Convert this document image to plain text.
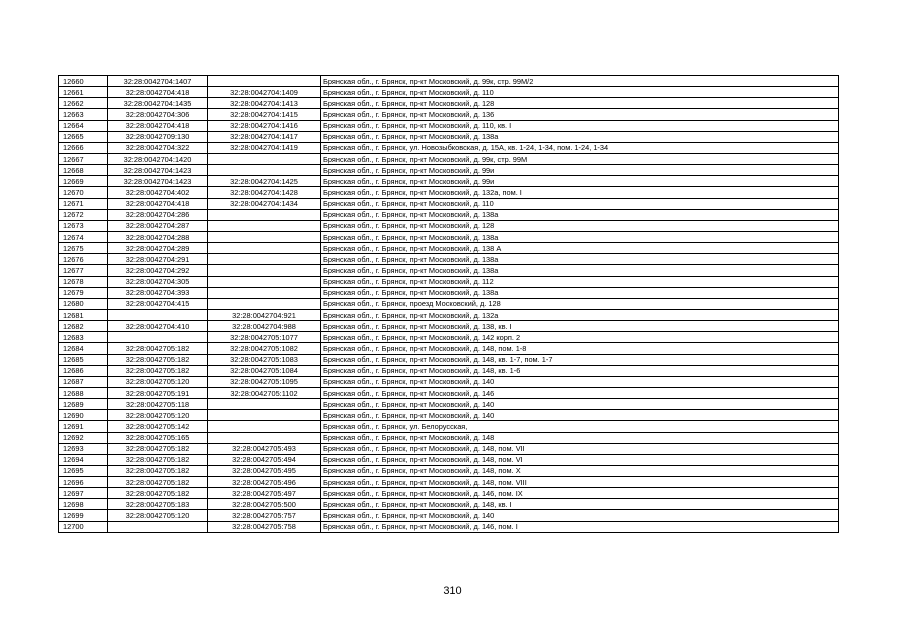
12660	32:28:0042704:1407		Брянская обл., г. Брянск, пр-кт Московский, д. 99к, стр. 99М/2
12661	32:28:0042704:418	32:28:0042704:1409	Брянская обл., г. Брянск, пр-кт Московский, д. 110
12662	32:28:0042704:1435	32:28:0042704:1413	Брянская обл., г. Брянск, пр-кт Московский, д. 128
12663	32:28:0042704:306	32:28:0042704:1415	Брянская обл., г. Брянск, пр-кт Московский, д. 136
12664	32:28:0042704:418	32:28:0042704:1416	Брянская обл., г. Брянск, пр-кт Московский, д. 110, кв. I
12665	32:28:0042709:130	32:28:0042704:1417	Брянская обл., г. Брянск, пр-кт Московский, д. 138а
12666	32:28:0042704:322	32:28:0042704:1419	Брянская обл., г. Брянск, ул. Новозыбковская, д. 15А, кв. 1-24, 1-34, пом. 1-24, 1-34
12667	32:28:0042704:1420		Брянская обл., г. Брянск, пр-кт Московский, д. 99к, стр. 99М
12668	32:28:0042704:1423		Брянская обл., г. Брянск, пр-кт Московский, д. 99и
12669	32:28:0042704:1423	32:28:0042704:1425	Брянская обл., г. Брянск, пр-кт Московский, д. 99и
12670	32:28:0042704:402	32:28:0042704:1428	Брянская обл., г. Брянск, пр-кт Московский, д. 132а, пом. I
12671	32:28:0042704:418	32:28:0042704:1434	Брянская обл., г. Брянск, пр-кт Московский, д. 110
12672	32:28:0042704:286		Брянская обл., г. Брянск, пр-кт Московский, д. 138а
12673	32:28:0042704:287		Брянская обл., г. Брянск, пр-кт Московский, д. 128
12674	32:28:0042704:288		Брянская обл., г. Брянск, пр-кт Московский, д. 138а
12675	32:28:0042704:289		Брянская обл., г. Брянск, пр-кт Московский, д. 138 А
12676	32:28:0042704:291		Брянская обл., г. Брянск, пр-кт Московский, д. 138а
12677	32:28:0042704:292		Брянская обл., г. Брянск, пр-кт Московский, д. 138а
12678	32:28:0042704:305		Брянская обл., г. Брянск, пр-кт Московский, д. 112
12679	32:28:0042704:393		Брянская обл., г. Брянск, пр-кт Московский, д. 138а
12680	32:28:0042704:415		Брянская обл., г. Брянск, проезд Московский, д. 128
12681		32:28:0042704:921	Брянская обл., г. Брянск, пр-кт Московский, д. 132а
12682	32:28:0042704:410	32:28:0042704:988	Брянская обл., г. Брянск, пр-кт Московский, д. 138, кв. I
12683		32:28:0042705:1077	Брянская обл., г. Брянск, пр-кт Московский, д. 142 корп. 2
12684	32:28:0042705:182	32:28:0042705:1082	Брянская обл., г. Брянск, пр-кт Московский, д. 148, пом. 1-8
12685	32:28:0042705:182	32:28:0042705:1083	Брянская обл., г. Брянск, пр-кт Московский, д. 148, кв. 1-7, пом. 1-7
12686	32:28:0042705:182	32:28:0042705:1084	Брянская обл., г. Брянск, пр-кт Московский, д. 148, кв. 1-6
12687	32:28:0042705:120	32:28:0042705:1095	Брянская обл., г. Брянск, пр-кт Московский, д. 140
12688	32:28:0042705:191	32:28:0042705:1102	Брянская обл., г. Брянск, пр-кт Московский, д. 146
12689	32:28:0042705:118		Брянская обл., г. Брянск, пр-кт Московский, д. 140
12690	32:28:0042705:120		Брянская обл., г. Брянск, пр-кт Московский, д. 140
12691	32:28:0042705:142		Брянская обл., г. Брянск, ул. Белорусская,
12692	32:28:0042705:165		Брянская обл., г. Брянск, пр-кт Московский, д. 148
12693	32:28:0042705:182	32:28:0042705:493	Брянская обл., г. Брянск, пр-кт Московский, д. 148, пом. VII
12694	32:28:0042705:182	32:28:0042705:494	Брянская обл., г. Брянск, пр-кт Московский, д. 148, пом. VI
12695	32:28:0042705:182	32:28:0042705:495	Брянская обл., г. Брянск, пр-кт Московский, д. 148, пом. X
12696	32:28:0042705:182	32:28:0042705:496	Брянская обл., г. Брянск, пр-кт Московский, д. 148, пом. VIII
12697	32:28:0042705:182	32:28:0042705:497	Брянская обл., г. Брянск, пр-кт Московский, д. 146, пом. IX
12698	32:28:0042705:183	32:28:0042705:500	Брянская обл., г. Брянск, пр-кт Московский, д. 148, кв. I
12699	32:28:0042705:120	32:28:0042705:757	Брянская обл., г. Брянск, пр-кт Московский, д. 140
12700		32:28:0042705:758	Брянская обл., г. Брянск, пр-кт Московский, д. 146, пом. I
310
